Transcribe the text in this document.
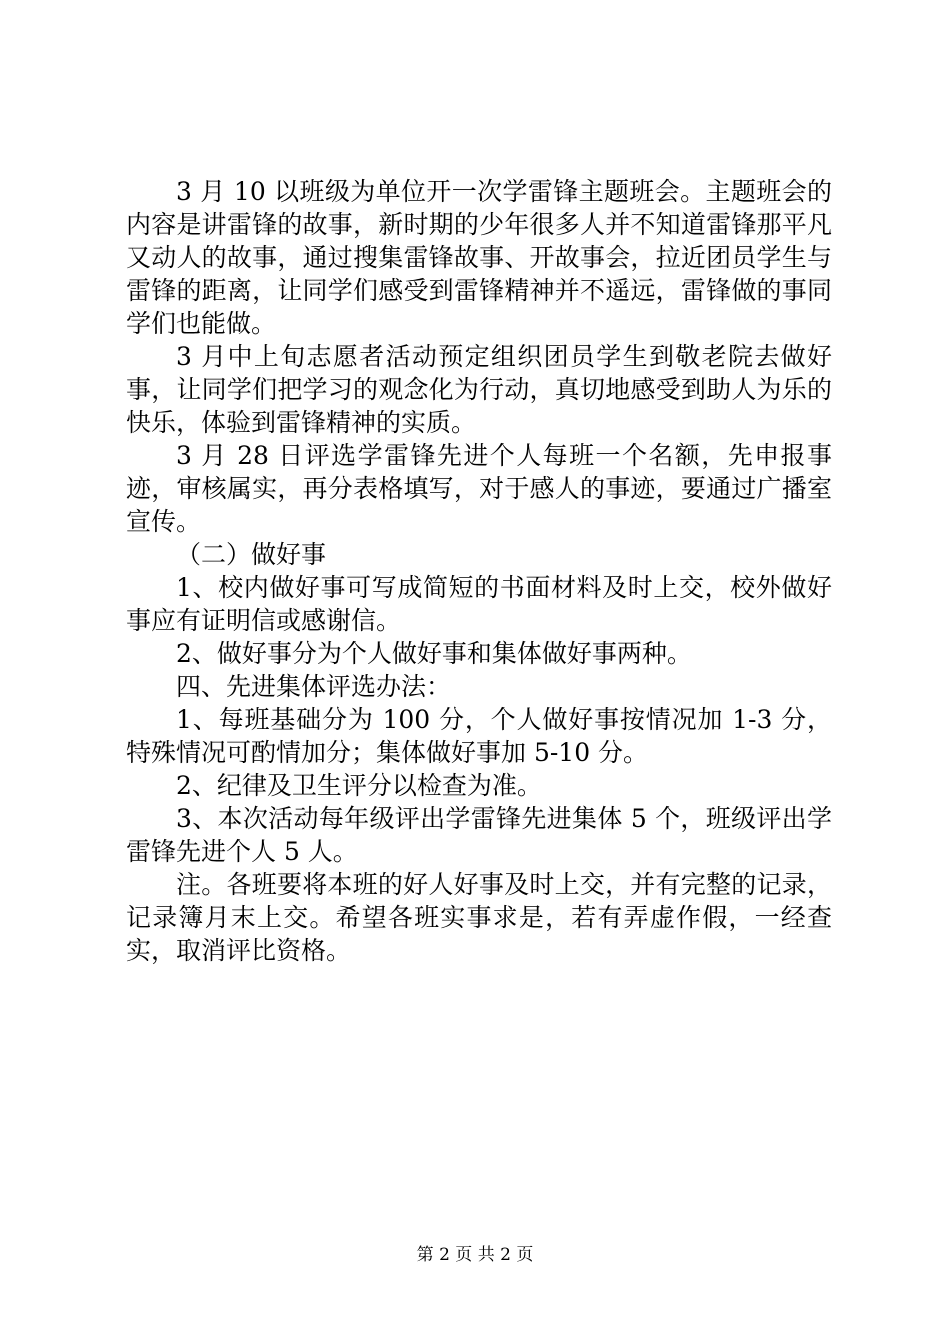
3 月 10 以班级为单位开一次学雷锋主题班会。主题班会的内容是讲雷锋的故事，新时期的少年很多人并不知道雷锋那平凡又动人的故事，通过搜集雷锋故事、开故事会，拉近团员学生与雷锋的距离，让同学们感受到雷锋精神并不遥远，雷锋做的事同学们也能做。

3 月中上旬志愿者活动预定组织团员学生到敬老院去做好事，让同学们把学习的观念化为行动，真切地感受到助人为乐的快乐，体验到雷锋精神的实质。

3 月 28 日评选学雷锋先进个人每班一个名额，先申报事迹，审核属实，再分表格填写，对于感人的事迹，要通过广播室宣传。

（二）做好事

1、校内做好事可写成简短的书面材料及时上交，校外做好事应有证明信或感谢信。

2、做好事分为个人做好事和集体做好事两种。

四、先进集体评选办法：

1、每班基础分为 100 分，个人做好事按情况加 1-3 分，特殊情况可酌情加分；集体做好事加 5-10 分。

2、纪律及卫生评分以检查为准。

3、本次活动每年级评出学雷锋先进集体 5 个，班级评出学雷锋先进个人 5 人。

注。各班要将本班的好人好事及时上交，并有完整的记录，记录簿月末上交。希望各班实事求是，若有弄虚作假，一经查实，取消评比资格。

第 2 页 共 2 页
